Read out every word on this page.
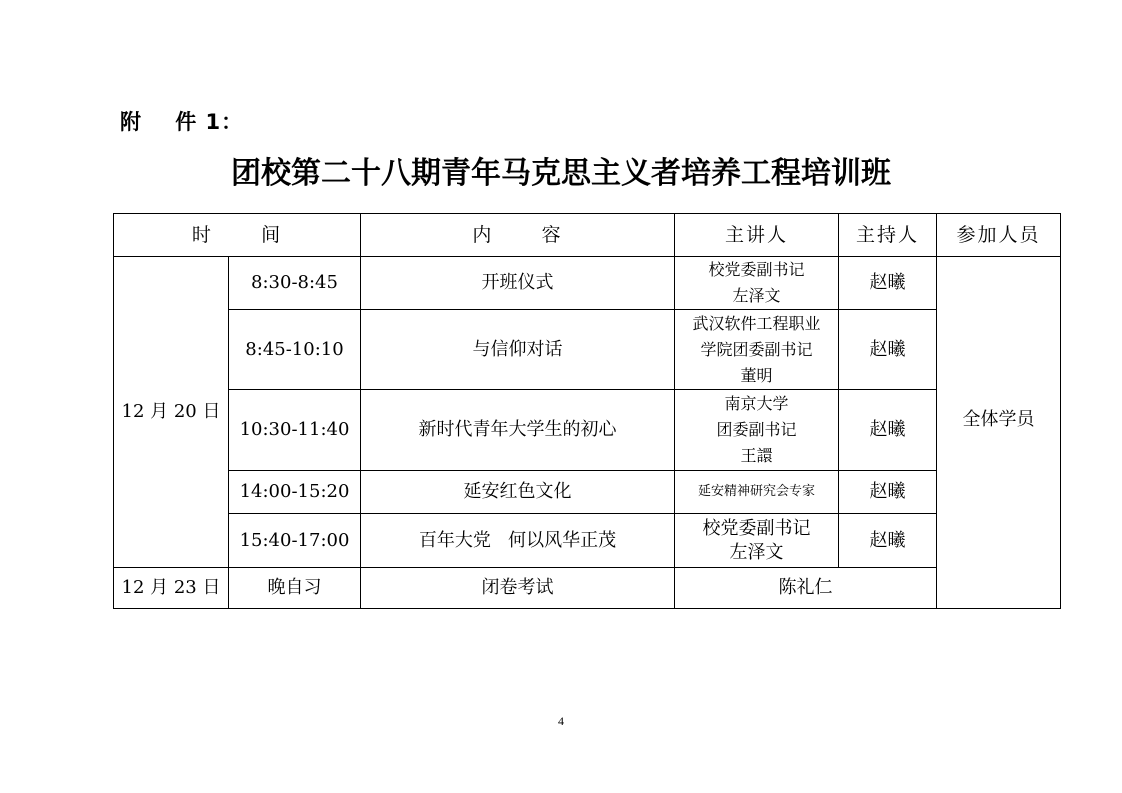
附    件 1：
团校第二十八期青年马克思主义者培养工程培训班
时      间		内      容	主讲人	主持人	参加人员
12 月 20 日	8:30-8:45	开班仪式	校党委副书记
左泽文	赵曦	全体学员
	8:45-10:10	与信仰对话	武汉软件工程职业
学院团委副书记
董明	赵曦	
	10:30-11:40	新时代青年大学生的初心	南京大学
团委副书记
王譞	赵曦	
	14:00-15:20	延安红色文化	延安精神研究会专家	赵曦	
	15:40-17:00	百年大党   何以风华正茂	校党委副书记
左泽文	赵曦	
12 月 23 日	晚自习	闭卷考试	陈礼仁		
4
